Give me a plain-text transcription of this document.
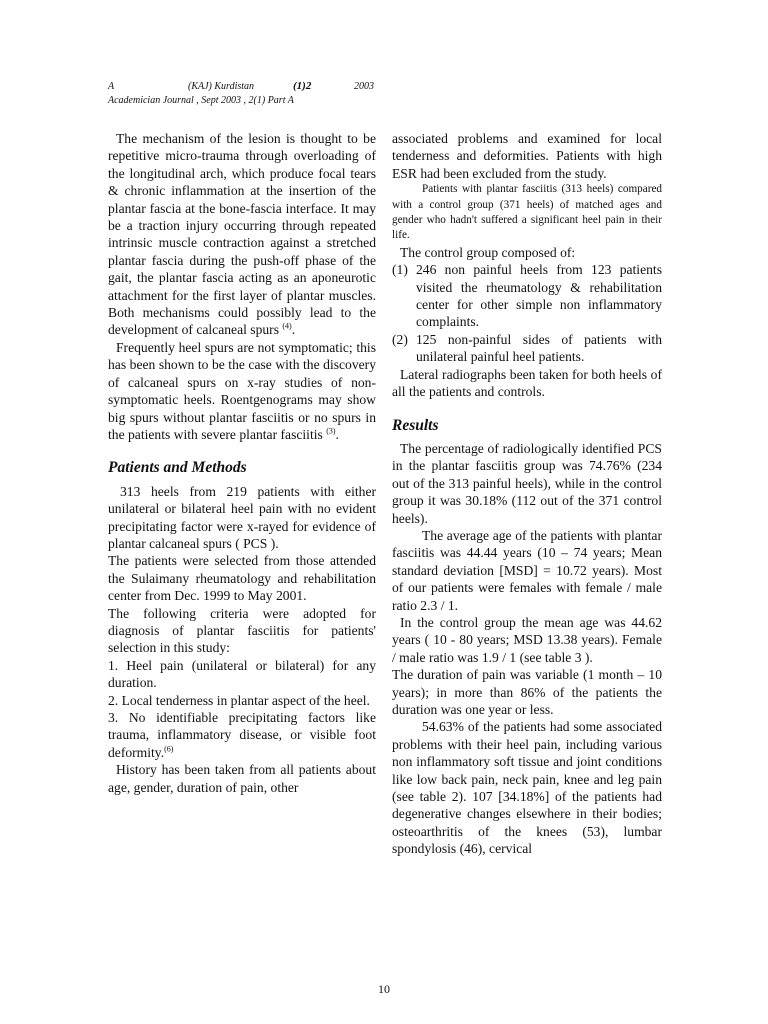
A	(KAJ) Kurdistan	(1)2	2003
Academician Journal , Sept 2003 , 2(1) Part A

The mechanism of the lesion is thought to be repetitive micro-trauma through overloading of the longitudinal arch, which produce focal tears & chronic inflammation at the insertion of the plantar fascia at the bone-fascia interface. It may be a traction injury occurring through repeated intrinsic muscle contraction against a stretched plantar fascia during the push-off phase of the gait, the plantar fascia acting as an aponeurotic attachment for the first layer of plantar muscles. Both mechanisms could possibly lead to the development of calcaneal spurs $^{(4)}$.

Frequently heel spurs are not symptomatic; this has been shown to be the case with the discovery of calcaneal spurs on x-ray studies of non-symptomatic heels. Roentgenograms may show big spurs without plantar fasciitis or no spurs in the patients with severe plantar fasciitis $^{(3)}$.

Patients and Methods

313 heels from 219 patients with either unilateral or bilateral heel pain with no evident precipitating factor were x-rayed for evidence of plantar calcaneal spurs ( PCS ).

The patients were selected from those attended the Sulaimany rheumatology and rehabilitation center from Dec. 1999 to May 2001.

The following criteria were adopted for diagnosis of plantar fasciitis for patients' selection in this study:

1. Heel pain (unilateral or bilateral) for any duration.

2. Local tenderness in plantar aspect of the heel.

3. No identifiable precipitating factors like trauma, inflammatory disease, or visible foot deformity.$^{(6)}$

History has been taken from all patients about age, gender, duration of pain, other

associated problems and examined for local tenderness and deformities. Patients with high ESR had been excluded from the study.

Patients with plantar fasciitis (313 heels) compared with a control group (371 heels) of matched ages and gender who hadn't suffered a significant heel pain in their life.

The control group composed of:

(1) 246 non painful heels from 123 patients visited the rheumatology & rehabilitation center for other simple non inflammatory complaints.
(2) 125 non-painful sides of patients with unilateral painful heel patients.

Lateral radiographs been taken for both heels of all the patients and controls.

Results

The percentage of radiologically identified PCS in the plantar fasciitis group was 74.76% (234 out of the 313 painful heels), while in the control group it was 30.18% (112 out of the 371 control heels).

The average age of the patients with plantar fasciitis was 44.44 years (10 – 74 years; Mean standard deviation [MSD] = 10.72 years). Most of our patients were females with female / male ratio 2.3 / 1.

In the control group the mean age was 44.62 years ( 10 - 80 years; MSD 13.38 years). Female / male ratio was 1.9 / 1 (see table 3 ).

The duration of pain was variable (1 month – 10 years); in more than 86% of the patients the duration was one year or less.

54.63% of the patients had some associated problems with their heel pain, including various non inflammatory soft tissue and joint conditions like low back pain, neck pain, knee and leg pain (see table 2). 107 [34.18%] of the patients had degenerative changes elsewhere in their bodies; osteoarthritis of the knees (53), lumbar spondylosis (46), cervical

10
